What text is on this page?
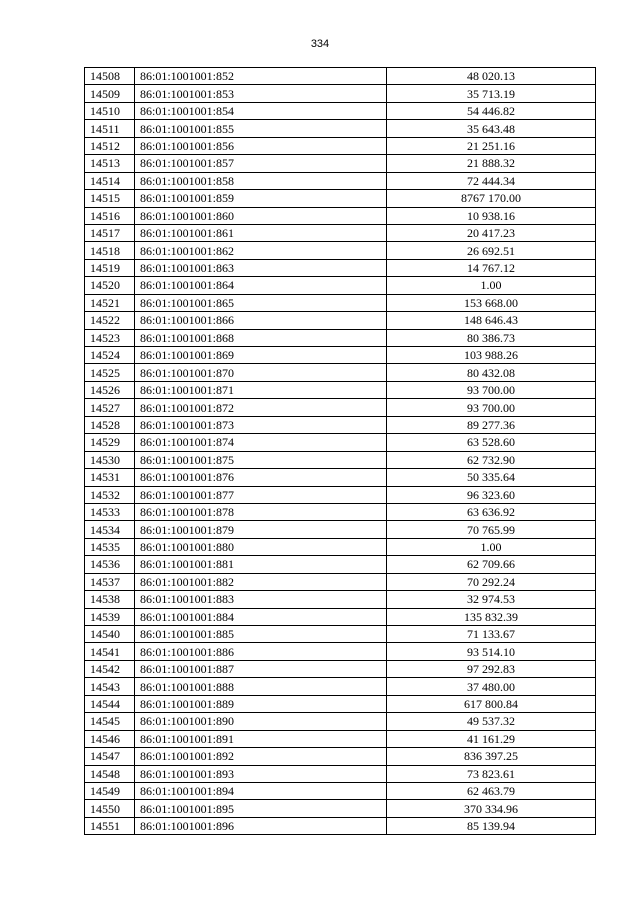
334
14508	86:01:1001001:852	48 020.13
14509	86:01:1001001:853	35 713.19
14510	86:01:1001001:854	54 446.82
14511	86:01:1001001:855	35 643.48
14512	86:01:1001001:856	21 251.16
14513	86:01:1001001:857	21 888.32
14514	86:01:1001001:858	72 444.34
14515	86:01:1001001:859	8767 170.00
14516	86:01:1001001:860	10 938.16
14517	86:01:1001001:861	20 417.23
14518	86:01:1001001:862	26 692.51
14519	86:01:1001001:863	14 767.12
14520	86:01:1001001:864	1.00
14521	86:01:1001001:865	153 668.00
14522	86:01:1001001:866	148 646.43
14523	86:01:1001001:868	80 386.73
14524	86:01:1001001:869	103 988.26
14525	86:01:1001001:870	80 432.08
14526	86:01:1001001:871	93 700.00
14527	86:01:1001001:872	93 700.00
14528	86:01:1001001:873	89 277.36
14529	86:01:1001001:874	63 528.60
14530	86:01:1001001:875	62 732.90
14531	86:01:1001001:876	50 335.64
14532	86:01:1001001:877	96 323.60
14533	86:01:1001001:878	63 636.92
14534	86:01:1001001:879	70 765.99
14535	86:01:1001001:880	1.00
14536	86:01:1001001:881	62 709.66
14537	86:01:1001001:882	70 292.24
14538	86:01:1001001:883	32 974.53
14539	86:01:1001001:884	135 832.39
14540	86:01:1001001:885	71 133.67
14541	86:01:1001001:886	93 514.10
14542	86:01:1001001:887	97 292.83
14543	86:01:1001001:888	37 480.00
14544	86:01:1001001:889	617 800.84
14545	86:01:1001001:890	49 537.32
14546	86:01:1001001:891	41 161.29
14547	86:01:1001001:892	836 397.25
14548	86:01:1001001:893	73 823.61
14549	86:01:1001001:894	62 463.79
14550	86:01:1001001:895	370 334.96
14551	86:01:1001001:896	85 139.94
